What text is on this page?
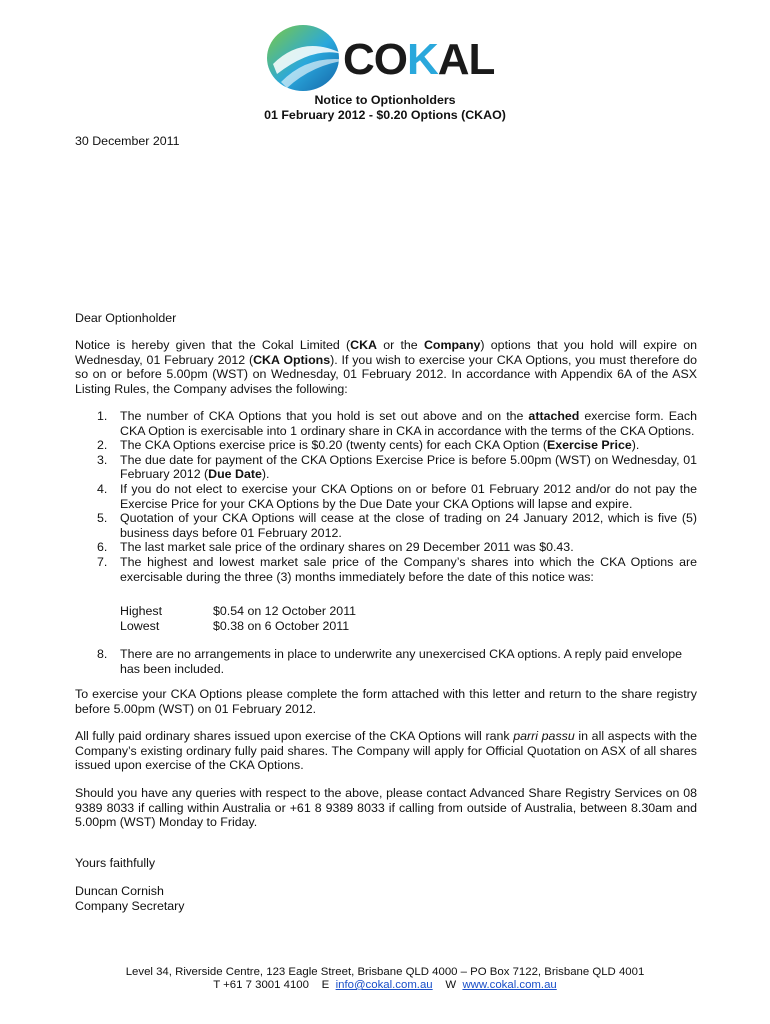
COKAL
Notice to Optionholders
01 February 2012 - $0.20 Options (CKAO)
30 December 2011
Dear Optionholder
Notice is hereby given that the Cokal Limited (CKA or the Company) options that you hold will expire on Wednesday, 01 February 2012 (CKA Options). If you wish to exercise your CKA Options, you must therefore do so on or before 5.00pm (WST) on Wednesday, 01 February 2012. In accordance with Appendix 6A of the ASX Listing Rules, the Company advises the following:
1. The number of CKA Options that you hold is set out above and on the attached exercise form. Each CKA Option is exercisable into 1 ordinary share in CKA in accordance with the terms of the CKA Options.
2. The CKA Options exercise price is $0.20 (twenty cents) for each CKA Option (Exercise Price).
3. The due date for payment of the CKA Options Exercise Price is before 5.00pm (WST) on Wednesday, 01 February 2012 (Due Date).
4. If you do not elect to exercise your CKA Options on or before 01 February 2012 and/or do not pay the Exercise Price for your CKA Options by the Due Date your CKA Options will lapse and expire.
5. Quotation of your CKA Options will cease at the close of trading on 24 January 2012, which is five (5) business days before 01 February 2012.
6. The last market sale price of the ordinary shares on 29 December 2011 was $0.43.
7. The highest and lowest market sale price of the Company’s shares into which the CKA Options are exercisable during the three (3) months immediately before the date of this notice was:
Highest	$0.54 on 12 October 2011
Lowest	$0.38 on 6 October 2011
8. There are no arrangements in place to underwrite any unexercised CKA options. A reply paid envelope has been included.
To exercise your CKA Options please complete the form attached with this letter and return to the share registry before 5.00pm (WST) on 01 February 2012.
All fully paid ordinary shares issued upon exercise of the CKA Options will rank parri passu in all aspects with the Company’s existing ordinary fully paid shares. The Company will apply for Official Quotation on ASX of all shares issued upon exercise of the CKA Options.
Should you have any queries with respect to the above, please contact Advanced Share Registry Services on 08 9389 8033 if calling within Australia or +61 8 9389 8033 if calling from outside of Australia, between 8.30am and 5.00pm (WST) Monday to Friday.
Yours faithfully
Duncan Cornish
Company Secretary
Level 34, Riverside Centre, 123 Eagle Street, Brisbane QLD 4000 – PO Box 7122, Brisbane QLD 4001
T +61 7 3001 4100 E info@cokal.com.au W www.cokal.com.au
